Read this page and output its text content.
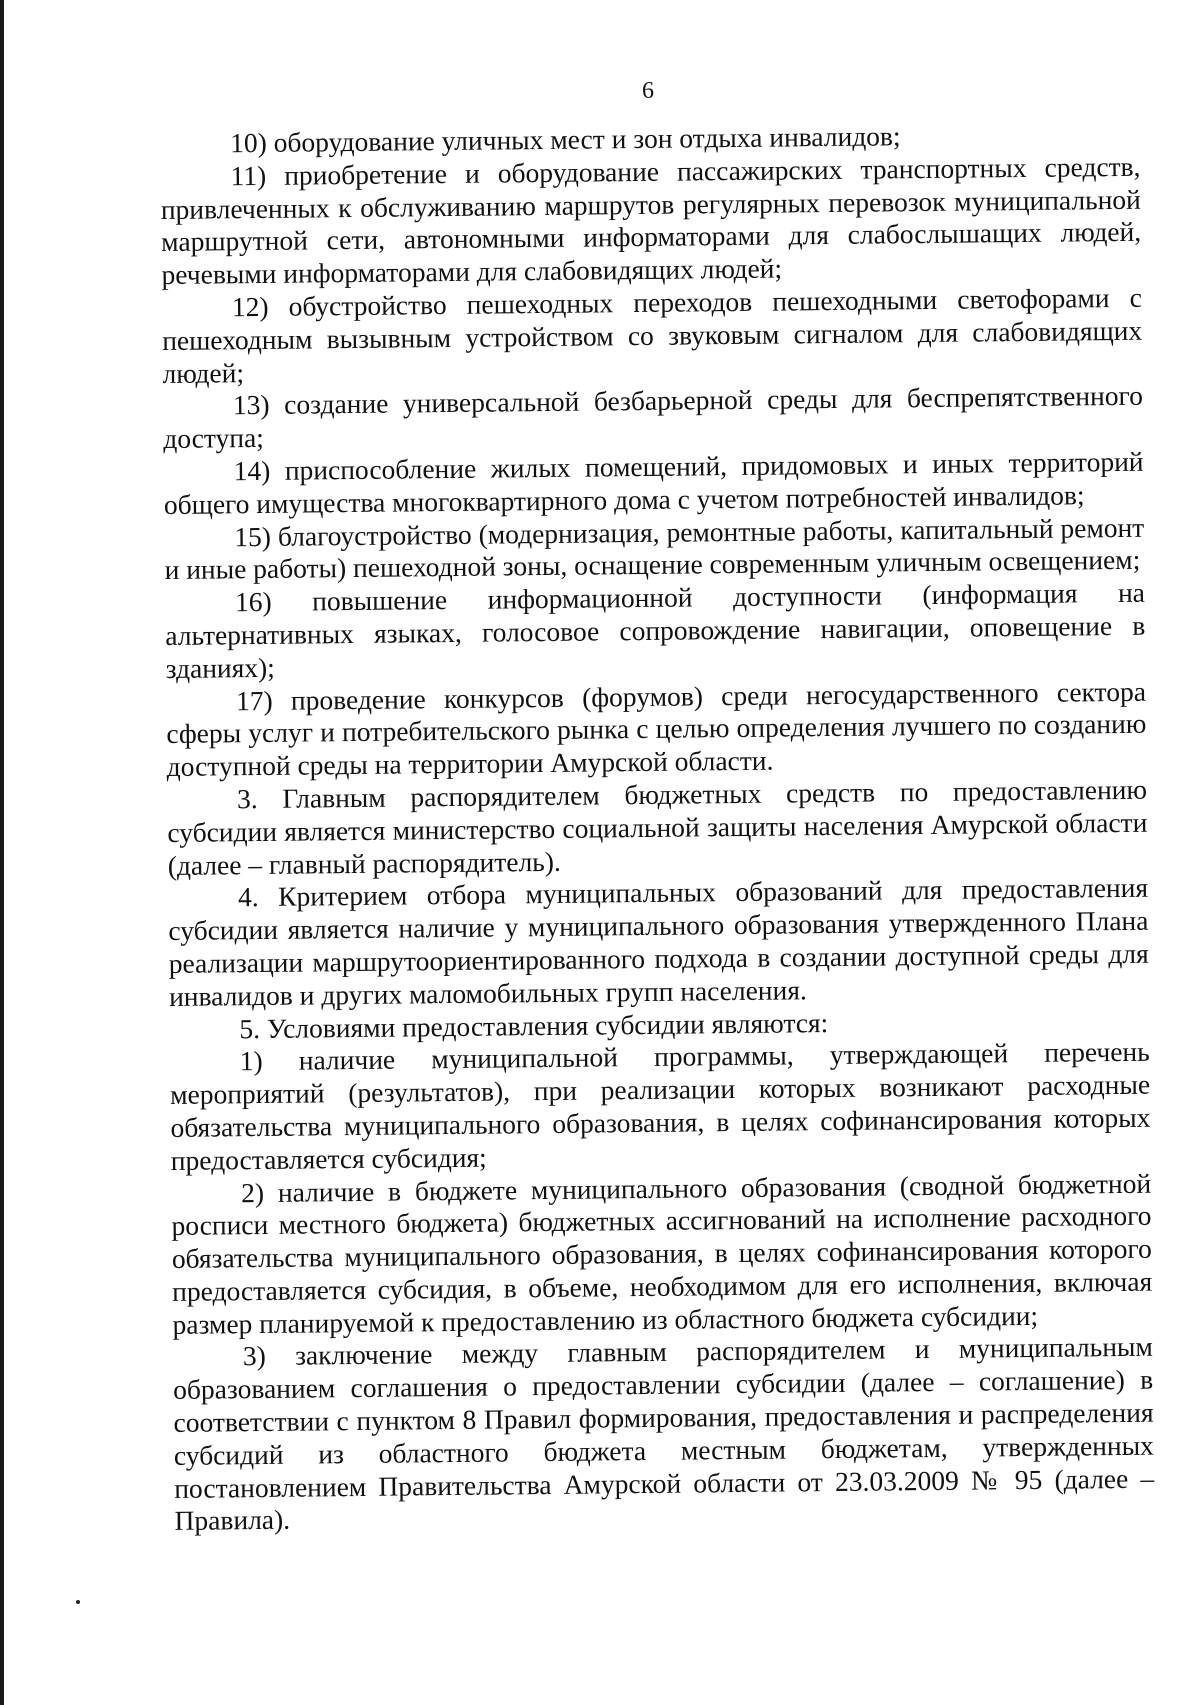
6

10) оборудование уличных мест и зон отдыха инвалидов;

11) приобретение и оборудование пассажирских транспортных средств, привлеченных к обслуживанию маршрутов регулярных перевозок муниципальной маршрутной сети, автономными информаторами для слабослышащих людей, речевыми информаторами для слабовидящих людей;

12) обустройство пешеходных переходов пешеходными светофорами с пешеходным вызывным устройством со звуковым сигналом для слабовидящих людей;

13) создание универсальной безбарьерной среды для беспрепятственного доступа;

14) приспособление жилых помещений, придомовых и иных территорий общего имущества многоквартирного дома с учетом потребностей инвалидов;

15) благоустройство (модернизация, ремонтные работы, капитальный ремонт и иные работы) пешеходной зоны, оснащение современным уличным освещением;

16) повышение информационной доступности (информация на альтернативных языках, голосовое сопровождение навигации, оповещение в зданиях);

17) проведение конкурсов (форумов) среди негосударственного сектора сферы услуг и потребительского рынка с целью определения лучшего по созданию доступной среды на территории Амурской области.

3. Главным распорядителем бюджетных средств по предоставлению субсидии является министерство социальной защиты населения Амурской области (далее – главный распорядитель).

4. Критерием отбора муниципальных образований для предоставления субсидии является наличие у муниципального образования утвержденного Плана реализации маршрутоориентированного подхода в создании доступной среды для инвалидов и других маломобильных групп населения.

5. Условиями предоставления субсидии являются:

1) наличие муниципальной программы, утверждающей перечень мероприятий (результатов), при реализации которых возникают расходные обязательства муниципального образования, в целях софинансирования которых предоставляется субсидия;

2) наличие в бюджете муниципального образования (сводной бюджетной росписи местного бюджета) бюджетных ассигнований на исполнение расходного обязательства муниципального образования, в целях софинансирования которого предоставляется субсидия, в объеме, необходимом для его исполнения, включая размер планируемой к предоставлению из областного бюджета субсидии;

3) заключение между главным распорядителем и муниципальным образованием соглашения о предоставлении субсидии (далее – соглашение) в соответствии с пунктом 8 Правил формирования, предоставления и распределения субсидий из областного бюджета местным бюджетам, утвержденных постановлением Правительства Амурской области от 23.03.2009 № 95 (далее – Правила).
